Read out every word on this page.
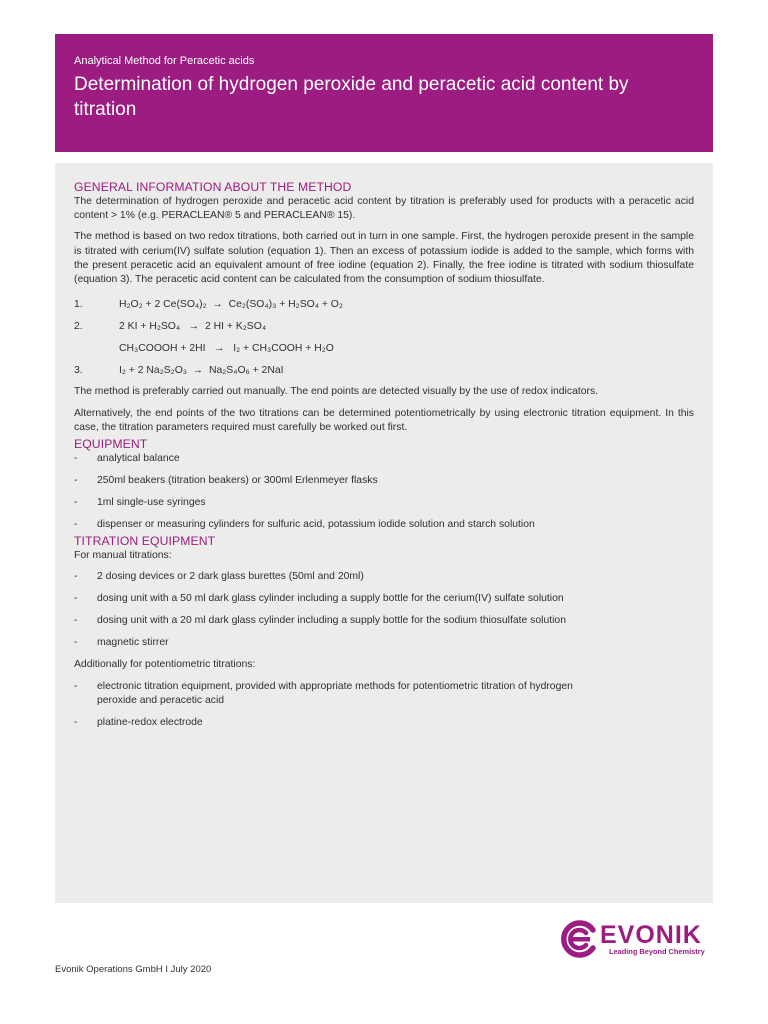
Analytical Method for Peracetic acids
Determination of hydrogen peroxide and peracetic acid content by titration
GENERAL INFORMATION ABOUT THE METHOD

The determination of hydrogen peroxide and peracetic acid content by titration is preferably used for products with a peracetic acid content > 1% (e.g. PERACLEAN® 5 and PERACLEAN® 15).

The method is based on two redox titrations, both carried out in turn in one sample. First, the hydrogen peroxide present in the sample is titrated with cerium(IV) sulfate solution (equation 1). Then an excess of potassium iodide is added to the sample, which forms with the present peracetic acid an equivalent amount of free iodine (equation 2). Finally, the free iodine is titrated with sodium thiosulfate (equation 3). The peracetic acid content can be calculated from the consumption of sodium thiosulfate.

1.	H₂O₂ + 2 Ce(SO₄)₂  →  Ce₂(SO₄)₃ + H₂SO₄ + O₂
2.	2 KI + H₂SO₄   →  2 HI + K₂SO₄
CH₃COOOH + 2HI   →   I₂ + CH₃COOH + H₂O
3.	I₂ + 2 Na₂S₂O₃  →  Na₂S₄O₆ + 2NaI

The method is preferably carried out manually. The end points are detected visually by the use of redox indicators.

Alternatively, the end points of the two titrations can be determined potentiometrically by using electronic titration equipment. In this case, the titration parameters required must carefully be worked out first.

EQUIPMENT
-	analytical balance
-	250ml beakers (titration beakers) or 300ml Erlenmeyer flasks
-	1ml single-use syringes
-	dispenser or measuring cylinders for sulfuric acid, potassium iodide solution and starch solution
TITRATION EQUIPMENT

For manual titrations:

-	2 dosing devices or 2 dark glass burettes (50ml and 20ml)
-	dosing unit with a 50 ml dark glass cylinder including a supply bottle for the cerium(IV) sulfate solution
-	dosing unit with a 20 ml dark glass cylinder including a supply bottle for the sodium thiosulfate solution
-	magnetic stirrer

Additionally for potentiometric titrations:

-	electronic titration equipment, provided with appropriate methods for potentiometric titration of hydrogen peroxide and peracetic acid
-	platine-redox electrode
EVONIK
Leading Beyond Chemistry
Evonik Operations GmbH I July 2020
